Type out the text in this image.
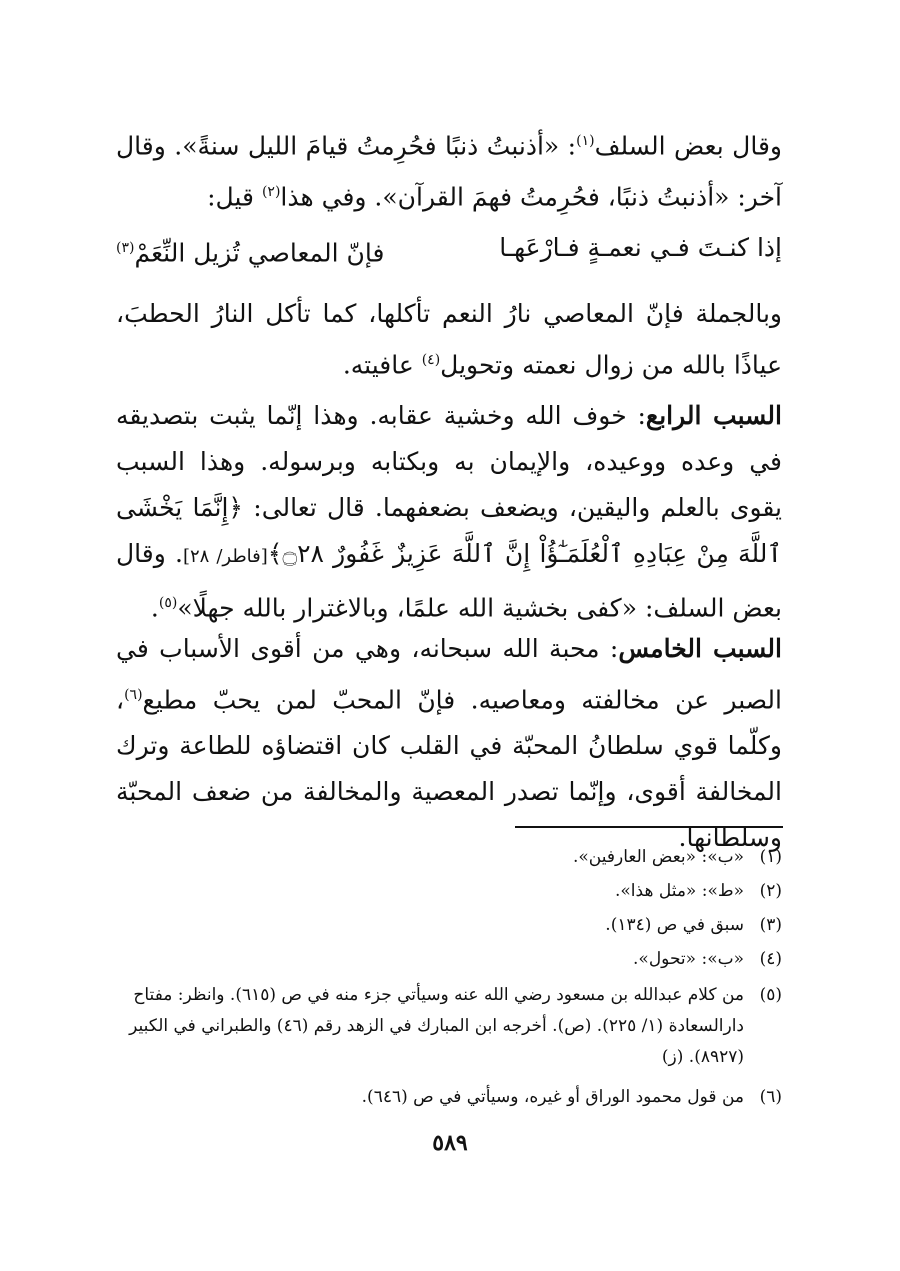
وقال بعض السلف$^{(١)}$: «أذنبتُ ذنبًا فحُرِمتُ قيامَ الليل سنةً». وقال آخر: «أذنبتُ ذنبًا، فحُرِمتُ فهمَ القرآن». وفي هذا$^{(٢)}$ قيل:
إذا كنـتَ فـي نعمـةٍ فـارْعَهـا
فإنّ المعاصي تُزيل النِّعَمْ$^{(٣)}$
وبالجملة فإنّ المعاصي نارُ النعم تأكلها، كما تأكل النارُ الحطبَ، عياذًا بالله من زوال نعمته وتحويل$^{(٤)}$ عافيته.
السبب الرابع: خوف الله وخشية عقابه. وهذا إنّما يثبت بتصديقه في وعده ووعيده، والإيمان به وبكتابه وبرسوله. وهذا السبب يقوى بالعلم واليقين، ويضعف بضعفهما. قال تعالى: ﴿إِنَّمَا يَخْشَى ٱللَّهَ مِنْ عِبَادِهِ ٱلْعُلَمَـٰٓؤُاْ إِنَّ ٱللَّهَ عَزِيزٌ غَفُورٌ ۝٢٨﴾[فاطر/ ٢٨]. وقال بعض السلف: «كفى بخشية الله علمًا، وبالاغترار بالله جهلًا»$^{(٥)}$.
السبب الخامس: محبة الله سبحانه، وهي من أقوى الأسباب في الصبر عن مخالفته ومعاصيه. فإنّ المحبّ لمن يحبّ مطيع$^{(٦)}$، وكلّما قوي سلطانُ المحبّة في القلب كان اقتضاؤه للطاعة وترك المخالفة أقوى، وإنّما تصدر المعصية والمخالفة من ضعف المحبّة وسلطانها.
(١)
«ب»: «بعض العارفين».
(٢)
«ط»: «مثل هذا».
(٣)
سبق في ص (١٣٤).
(٤)
«ب»: «تحول».
(٥)
من كلام عبدالله بن مسعود رضي الله عنه وسيأتي جزء منه في ص (٦١٥). وانظر: مفتاح دارالسعادة (١/ ٢٢٥). (ص). أخرجه ابن المبارك في الزهد رقم (٤٦) والطبراني في الكبير (٨٩٢٧). (ز)
(٦)
من قول محمود الوراق أو غيره، وسيأتي في ص (٦٤٦).
٥٨٩
